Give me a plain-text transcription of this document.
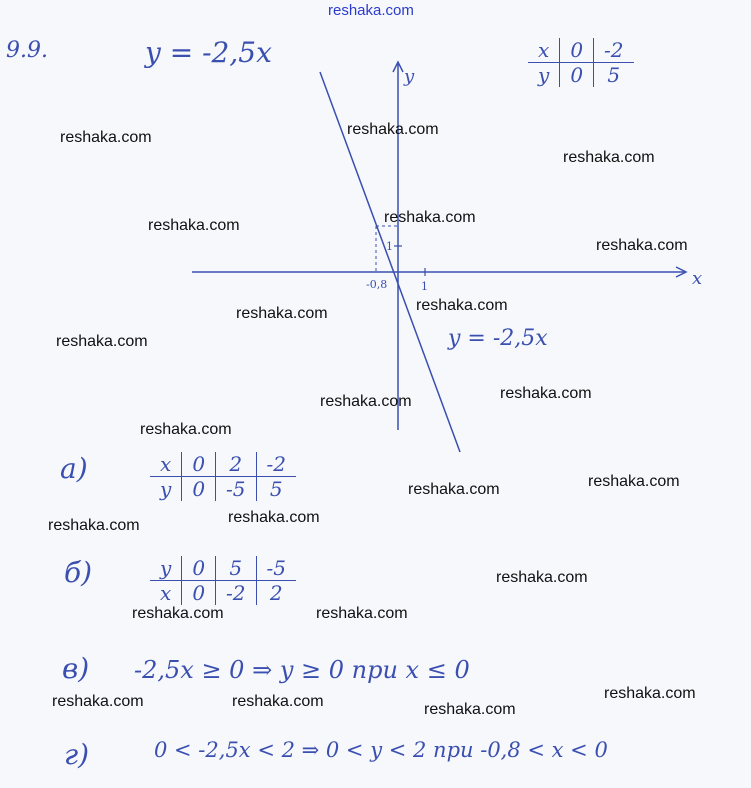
reshaka.com
9.9.	y = -2,5x	x	0	-2
y	0	5
y
x
1
1
-0,8
y = -2,5x
а)	x	0	2	-2
y	0	-5	5
б)	y	0	5	-5
x	0	-2	2
в) -2,5x ≥ 0 ⇒ y ≥ 0 при x ≤ 0
г)	0 < -2,5x < 2 ⇒ 0 < y < 2 при -0,8 < x < 0
reshaka.com	reshaka.com
reshaka.com
reshaka.com	reshaka.com
reshaka.com
reshaka.com	reshaka.com
reshaka.com
reshaka.com	reshaka.com
reshaka.com
reshaka.com
reshaka.com
reshaka.com
reshaka.com
reshaka.com
reshaka.com	reshaka.com
reshaka.com
reshaka.com	reshaka.com	reshaka.com
